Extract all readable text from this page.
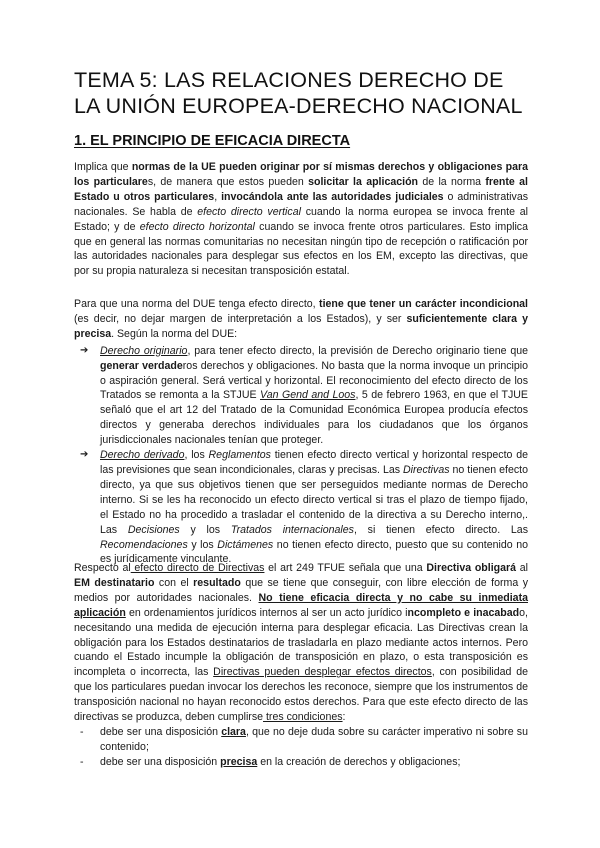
TEMA 5: LAS RELACIONES DERECHO DE LA UNIÓN EUROPEA-DERECHO NACIONAL
1. EL PRINCIPIO DE EFICACIA DIRECTA

Implica que normas de la UE pueden originar por sí mismas derechos y obligaciones para los particulares, de manera que estos pueden solicitar la aplicación de la norma frente al Estado u otros particulares, invocándola ante las autoridades judiciales o administrativas nacionales. Se habla de efecto directo vertical cuando la norma europea se invoca frente al Estado; y de efecto directo horizontal cuando se invoca frente otros particulares. Esto implica que en general las normas comunitarias no necesitan ningún tipo de recepción o ratificación por las autoridades nacionales para desplegar sus efectos en los EM, excepto las directivas, que por su propia naturaleza si necesitan transposición estatal.

Para que una norma del DUE tenga efecto directo, tiene que tener un carácter incondicional (es decir, no dejar margen de interpretación a los Estados), y ser suficientemente clara y precisa. Según la norma del DUE:

➔ Derecho originario, para tener efecto directo, la previsión de Derecho originario tiene que generar verdaderos derechos y obligaciones. No basta que la norma invoque un principio o aspiración general. Será vertical y horizontal. El reconocimiento del efecto directo de los Tratados se remonta a la STJUE Van Gend and Loos, 5 de febrero 1963, en que el TJUE señaló que el art 12 del Tratado de la Comunidad Económica Europea producía efectos directos y generaba derechos individuales para los ciudadanos que los órganos jurisdiccionales nacionales tenían que proteger.
➔ Derecho derivado, los Reglamentos tienen efecto directo vertical y horizontal respecto de las previsiones que sean incondicionales, claras y precisas. Las Directivas no tienen efecto directo, ya que sus objetivos tienen que ser perseguidos mediante normas de Derecho interno. Si se les ha reconocido un efecto directo vertical si tras el plazo de tiempo fijado, el Estado no ha procedido a trasladar el contenido de la directiva a su Derecho interno,. Las Decisiones y los Tratados internacionales, si tienen efecto directo. Las Recomendaciones y los Dictámenes no tienen efecto directo, puesto que su contenido no es jurídicamente vinculante.

Respecto al efecto directo de Directivas el art 249 TFUE señala que una Directiva obligará al EM destinatario con el resultado que se tiene que conseguir, con libre elección de forma y medios por autoridades nacionales. No tiene eficacia directa y no cabe su inmediata aplicación en ordenamientos jurídicos internos al ser un acto jurídico incompleto e inacabado, necesitando una medida de ejecución interna para desplegar eficacia. Las Directivas crean la obligación para los Estados destinatarios de trasladarla en plazo mediante actos internos. Pero cuando el Estado incumple la obligación de transposición en plazo, o esta transposición es incompleta o incorrecta, las Directivas pueden desplegar efectos directos, con posibilidad de que los particulares puedan invocar los derechos les reconoce, siempre que los instrumentos de transposición nacional no hayan reconocido estos derechos. Para que este efecto directo de las directivas se produzca, deben cumplirse tres condiciones:

- debe ser una disposición clara, que no deje duda sobre su carácter imperativo ni sobre su contenido;
- debe ser una disposición precisa en la creación de derechos y obligaciones;
